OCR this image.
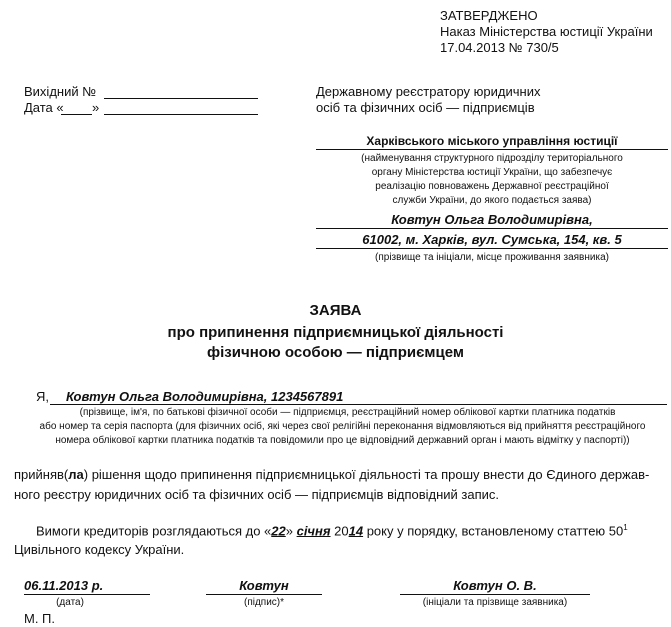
ЗАТВЕРДЖЕНО
Наказ Міністерства юстиції України
17.04.2013 № 730/5
Вихідний №
Дата « »
Державному реєстратору юридичних
осіб та фізичних осіб — підприємців
Харківського міського управління юстиції
(найменування структурного підрозділу територіального
органу Міністерства юстиції України, що забезпечує
реалізацію повноважень Державної реєстраційної
служби України, до якого подається заява)
Ковтун Ольга Володимирівна,
61002, м. Харків, вул. Сумська, 154, кв. 5
(прізвище та ініціали, місце проживання заявника)
ЗАЯВА
про припинення підприємницької діяльності
фізичною особою — підприємцем
Я, Ковтун Ольга Володимирівна, 1234567891
(прізвище, ім'я, по батькові фізичної особи — підприємця, реєстраційний номер облікової картки платника податків
або номер та серія паспорта (для фізичних осіб, які через свої релігійні переконання відмовляються від прийняття реєстраційного
номера облікової картки платника податків та повідомили про це відповідний державний орган і мають відмітку у паспорті))
прийняв(ла) рішення щодо припинення підприємницької діяльності та прошу внести до Єдиного держав-
ного реєстру юридичних осіб та фізичних осіб — підприємців відповідний запис.
Вимоги кредиторів розглядаються до «22» січня 2014 року у порядку, встановленому статтею $50^1$
Цивільного кодексу України.
06.11.2013 р.
(дата)
Ковтун
(підпис)*
Ковтун О. В.
(ініціали та прізвище заявника)
М. П.
